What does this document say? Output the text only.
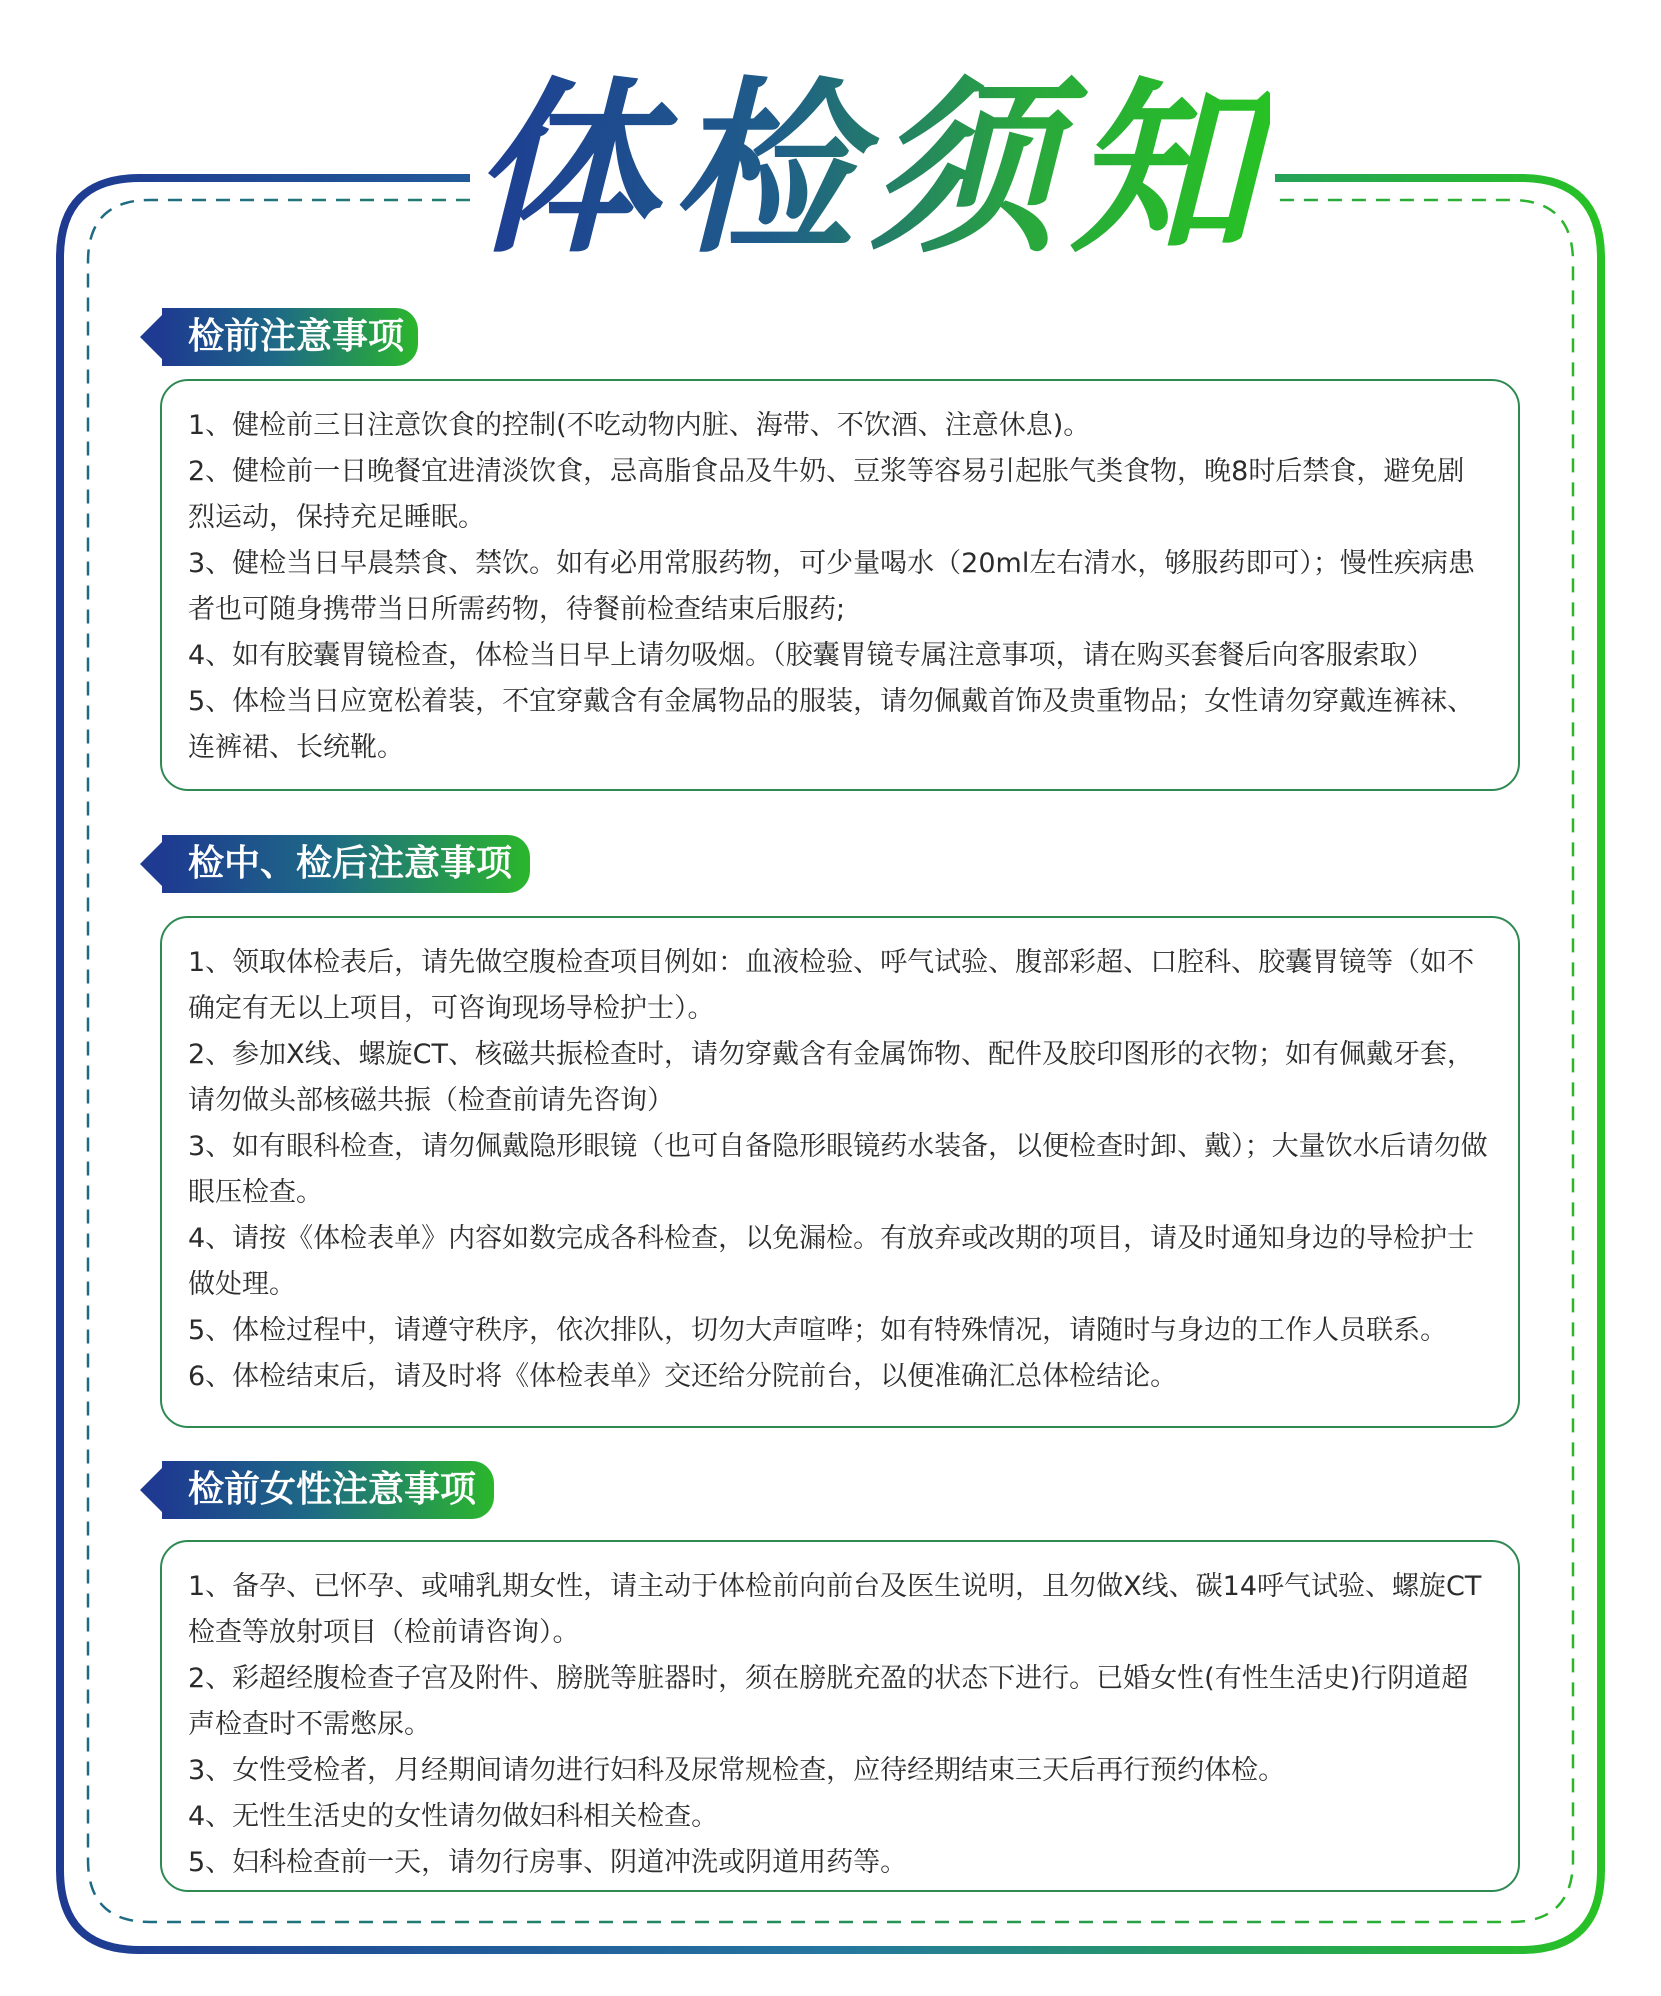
体检须知
检前注意事项

1、健检前三日注意饮食的控制(不吃动物内脏、海带、不饮酒、注意休息)。

2、健检前一日晚餐宜进清淡饮食，忌高脂食品及牛奶、豆浆等容易引起胀气类食物，晚8时后禁食，避免剧烈运动，保持充足睡眠。

3、健检当日早晨禁食、禁饮。如有必用常服药物，可少量喝水（20ml左右清水，够服药即可）；慢性疾病患者也可随身携带当日所需药物，待餐前检查结束后服药;

4、如有胶囊胃镜检查，体检当日早上请勿吸烟。（胶囊胃镜专属注意事项，请在购买套餐后向客服索取）

5、体检当日应宽松着装，不宜穿戴含有金属物品的服装，请勿佩戴首饰及贵重物品；女性请勿穿戴连裤袜、连裤裙、长统靴。

检中、检后注意事项

1、领取体检表后，请先做空腹检查项目例如：血液检验、呼气试验、腹部彩超、口腔科、胶囊胃镜等（如不确定有无以上项目，可咨询现场导检护士）。

2、参加X线、螺旋CT、核磁共振检查时，请勿穿戴含有金属饰物、配件及胶印图形的衣物；如有佩戴牙套，请勿做头部核磁共振（检查前请先咨询）

3、如有眼科检查，请勿佩戴隐形眼镜（也可自备隐形眼镜药水装备，以便检查时卸、戴）；大量饮水后请勿做眼压检查。

4、请按《体检表单》内容如数完成各科检查，以免漏检。有放弃或改期的项目，请及时通知身边的导检护士做处理。

5、体检过程中，请遵守秩序，依次排队，切勿大声喧哗；如有特殊情况，请随时与身边的工作人员联系。

6、体检结束后，请及时将《体检表单》交还给分院前台，以便准确汇总体检结论。

检前女性注意事项

1、备孕、已怀孕、或哺乳期女性，请主动于体检前向前台及医生说明，且勿做X线、碳14呼气试验、螺旋CT检查等放射项目（检前请咨询）。

2、彩超经腹检查子宫及附件、膀胱等脏器时，须在膀胱充盈的状态下进行。已婚女性(有性生活史)行阴道超声检查时不需憋尿。

3、女性受检者，月经期间请勿进行妇科及尿常规检查，应待经期结束三天后再行预约体检。

4、无性生活史的女性请勿做妇科相关检查。

5、妇科检查前一天，请勿行房事、阴道冲洗或阴道用药等。
